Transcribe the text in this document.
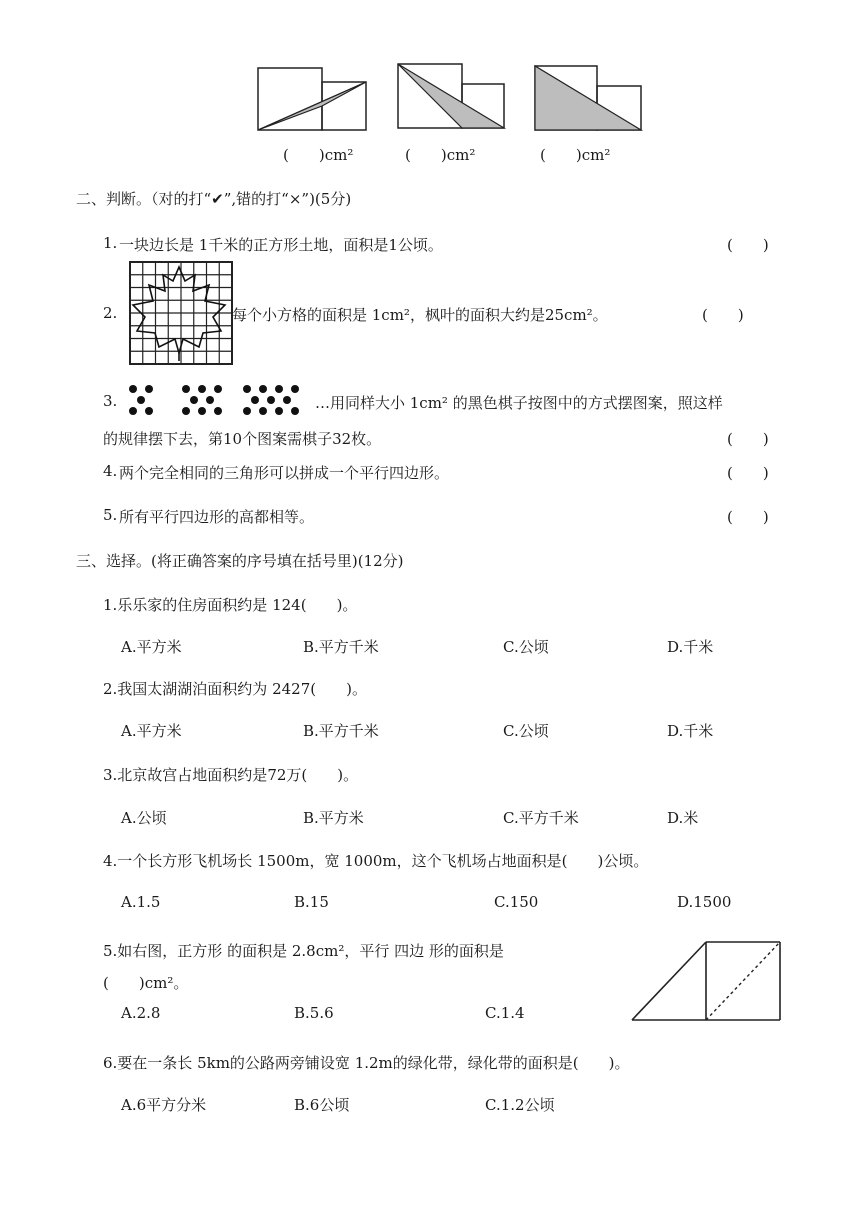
(　　)cm²	(　　)cm²	(　　)cm²
二、判断。（对的打“✔”,错的打“×”)(5分)
1. 一块边长是 1千米的正方形土地，面积是1公顷。	(　　)
2.	每个小方格的面积是 1cm²，枫叶的面积大约是25cm²。	(　　)
3.	…用同样大小 1cm² 的黑色棋子按图中的方式摆图案，照这样
的规律摆下去，第10个图案需棋子32枚。	(　　)
4. 两个完全相同的三角形可以拼成一个平行四边形。	(　　)
5. 所有平行四边形的高都相等。	(　　)
三、选择。(将正确答案的序号填在括号里)(12分)
1.乐乐家的住房面积约是 124(　　)。
A.平方米	B.平方千米	C.公顷	D.千米
2.我国太湖湖泊面积约为 2427(　　)。
A.平方米	B.平方千米	C.公顷	D.千米
3.北京故宫占地面积约是72万(　　)。
A.公顷	B.平方米	C.平方千米	D.米
4.一个长方形飞机场长 1500m，宽 1000m，这个飞机场占地面积是(　　)公顷。
A.1.5	B.15	C.150	D.1500
5.如右图，正方形 的面积是 2.8cm²，平行 四边 形的面积是
(　　)cm²。
A.2.8	B.5.6	C.1.4
6.要在一条长 5km的公路两旁铺设宽 1.2m的绿化带，绿化带的面积是(　　)。
A.6平方分米	B.6公顷	C.1.2公顷
